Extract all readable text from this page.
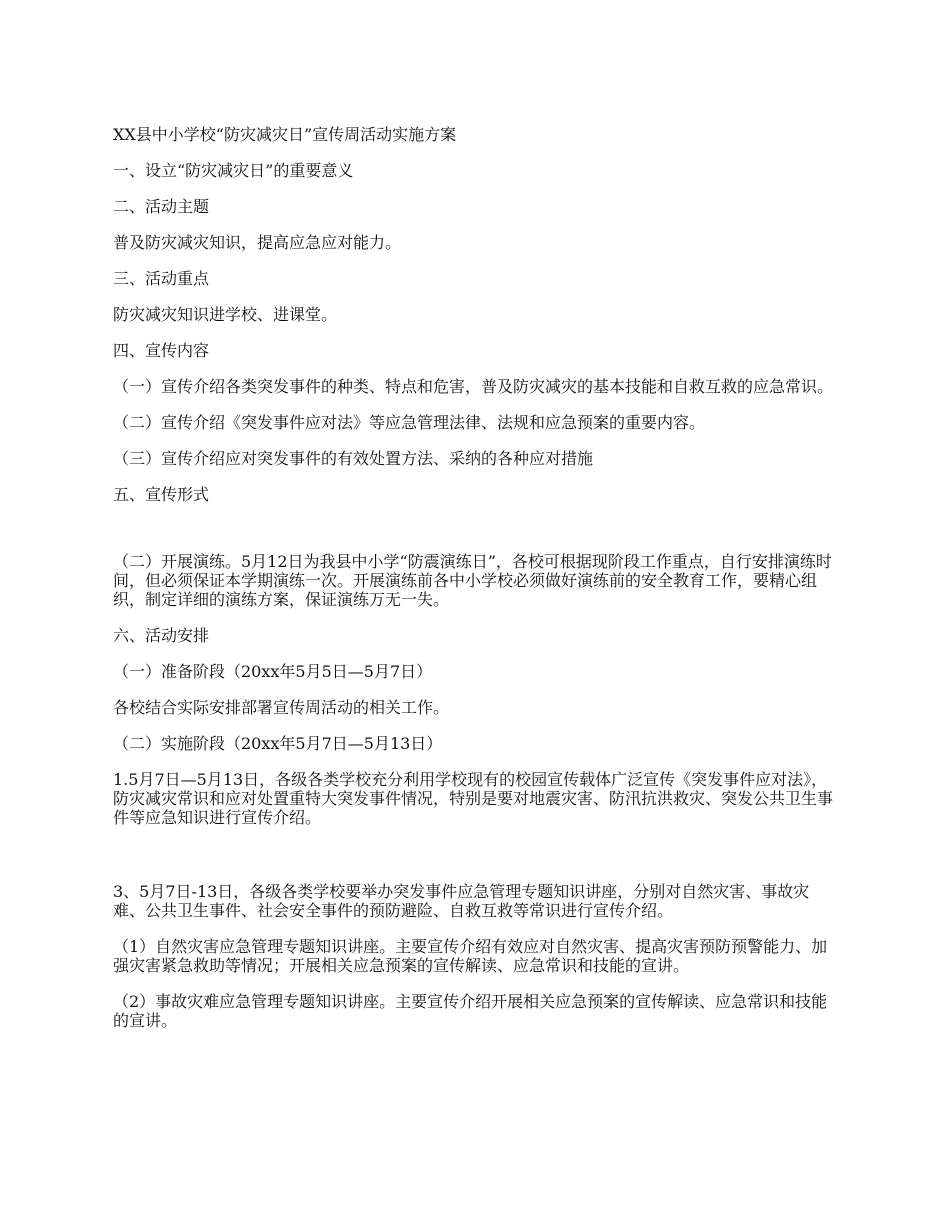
XX县中小学校“防灾减灾日”宣传周活动实施方案

一、设立“防灾减灾日”的重要意义

二、活动主题

普及防灾减灾知识，提高应急应对能力。

三、活动重点

防灾减灾知识进学校、进课堂。

四、宣传内容

（一）宣传介绍各类突发事件的种类、特点和危害，普及防灾减灾的基本技能和自救互救的应急常识。

（二）宣传介绍《突发事件应对法》等应急管理法律、法规和应急预案的重要内容。

（三）宣传介绍应对突发事件的有效处置方法、采纳的各种应对措施

五、宣传形式

（二）开展演练。5月12日为我县中小学“防震演练日”，各校可根据现阶段工作重点，自行安排演练时间，但必须保证本学期演练一次。开展演练前各中小学校必须做好演练前的安全教育工作，要精心组织，制定详细的演练方案，保证演练万无一失。

六、活动安排

（一）准备阶段（20xx年5月5日—5月7日）

各校结合实际安排部署宣传周活动的相关工作。

（二）实施阶段（20xx年5月7日—5月13日）

1.5月7日—5月13日，各级各类学校充分利用学校现有的校园宣传载体广泛宣传《突发事件应对法》，防灾减灾常识和应对处置重特大突发事件情况，特别是要对地震灾害、防汛抗洪救灾、突发公共卫生事件等应急知识进行宣传介绍。

3、5月7日-13日，各级各类学校要举办突发事件应急管理专题知识讲座，分别对自然灾害、事故灾难、公共卫生事件、社会安全事件的预防避险、自救互救等常识进行宣传介绍。

（1）自然灾害应急管理专题知识讲座。主要宣传介绍有效应对自然灾害、提高灾害预防预警能力、加强灾害紧急救助等情况；开展相关应急预案的宣传解读、应急常识和技能的宣讲。

（2）事故灾难应急管理专题知识讲座。主要宣传介绍开展相关应急预案的宣传解读、应急常识和技能的宣讲。
